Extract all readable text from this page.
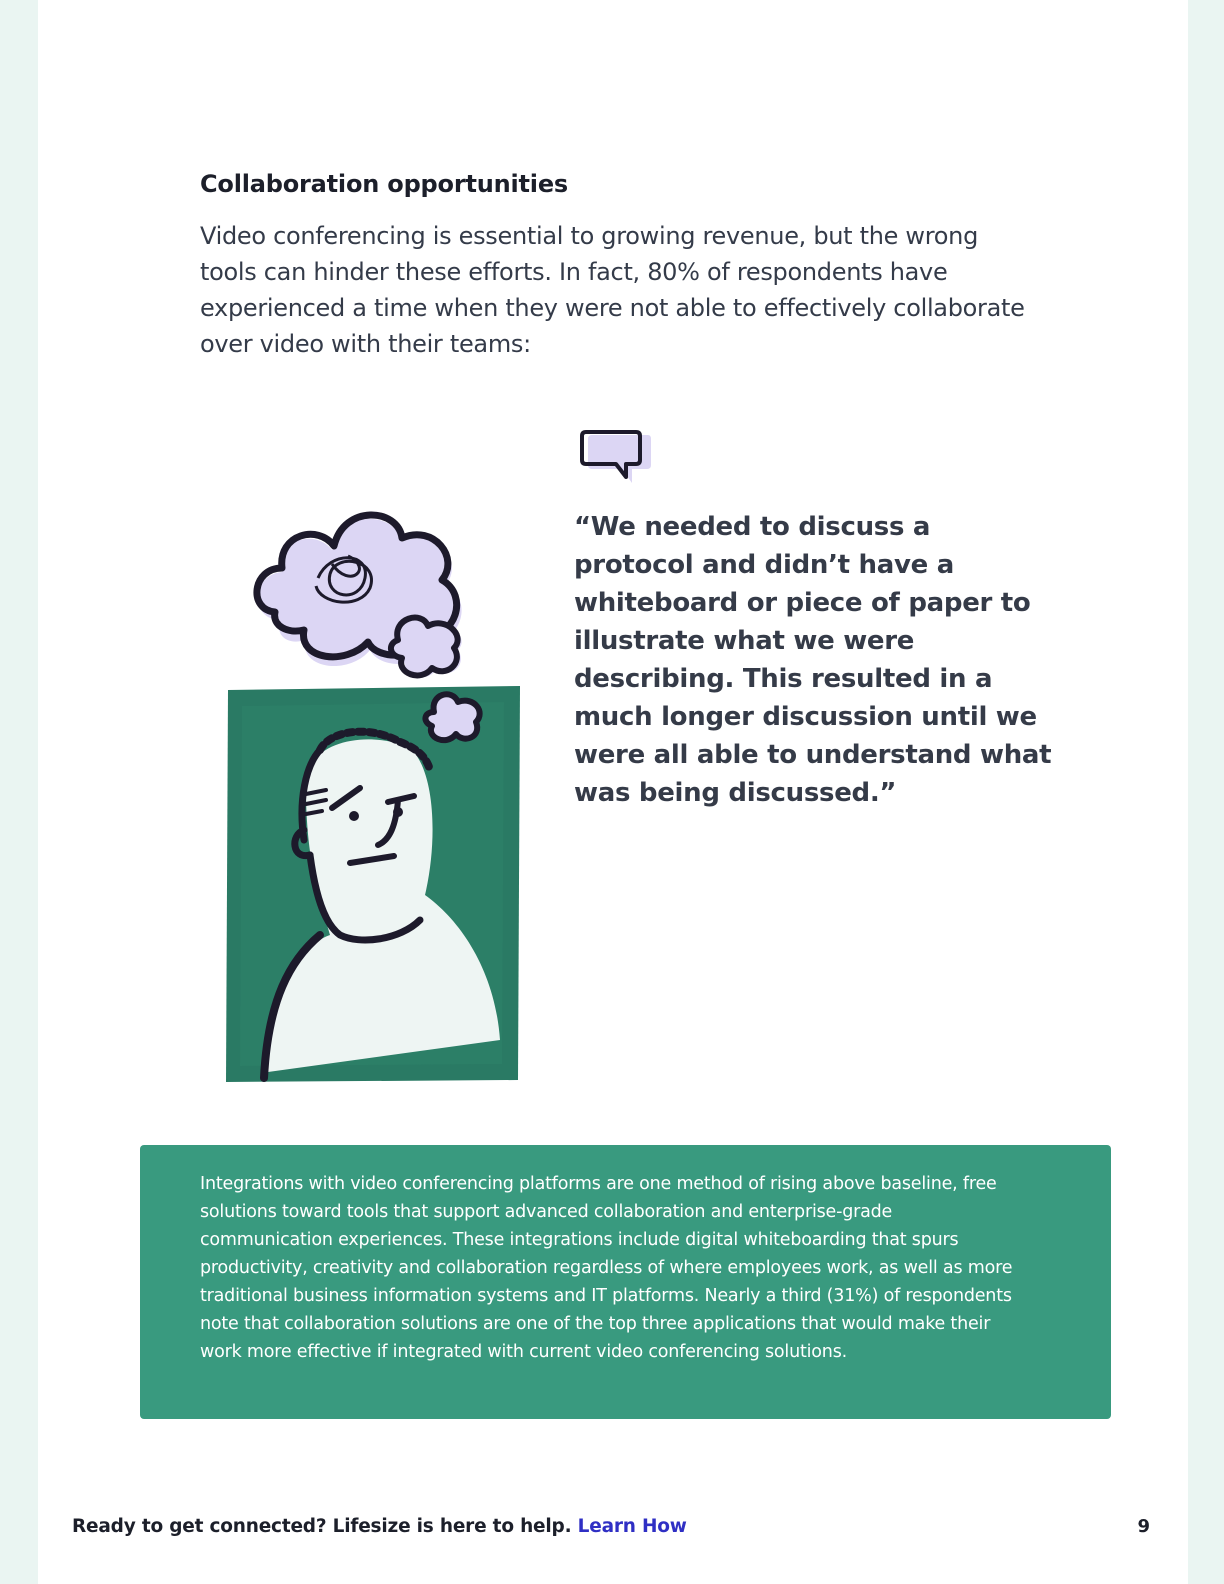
Collaboration opportunities

Video conferencing is essential to growing revenue, but the wrong tools can hinder these efforts. In fact, 80% of respondents have experienced a time when they were not able to effectively collaborate over video with their teams:

“We needed to discuss a protocol and didn’t have a whiteboard or piece of paper to illustrate what we were describing. This resulted in a much longer discussion until we were all able to understand what was being discussed.”

Integrations with video conferencing platforms are one method of rising above baseline, free solutions toward tools that support advanced collaboration and enterprise-grade communication experiences. These integrations include digital whiteboarding that spurs productivity, creativity and collaboration regardless of where employees work, as well as more traditional business information systems and IT platforms. Nearly a third (31%) of respondents note that collaboration solutions are one of the top three applications that would make their work more effective if integrated with current video conferencing solutions.

Ready to get connected? Lifesize is here to help. Learn How	9
